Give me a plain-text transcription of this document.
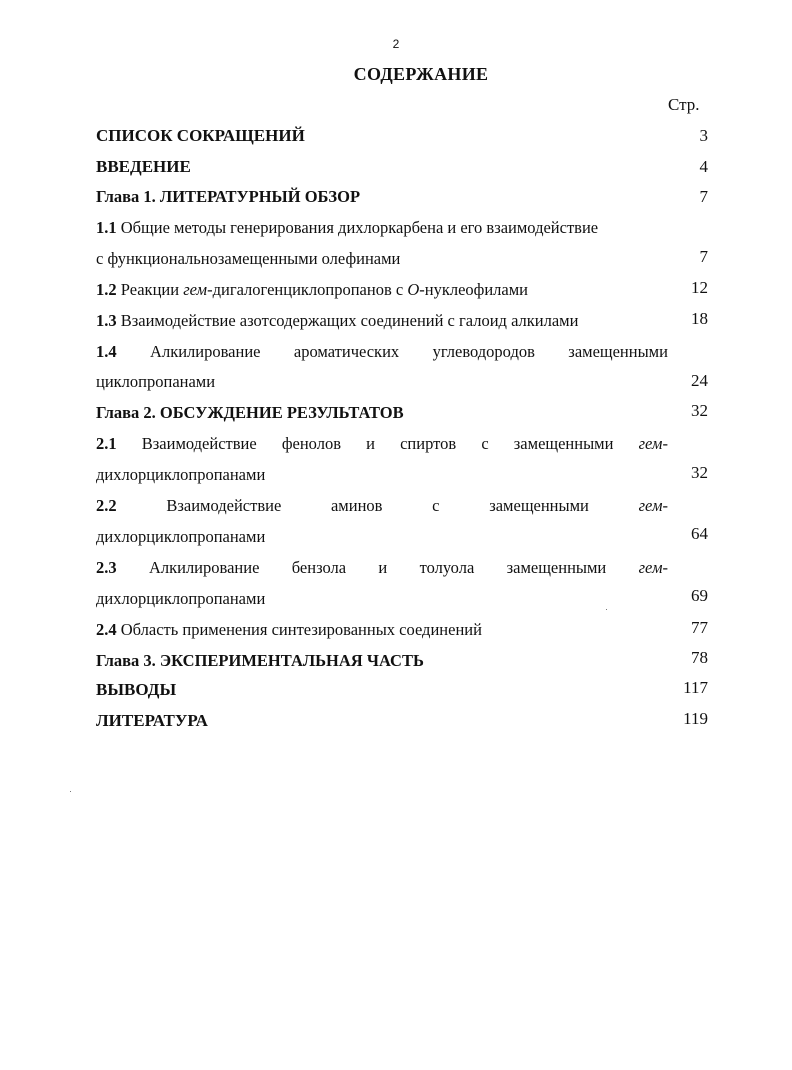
2
СОДЕРЖАНИЕ
Стр.
СПИСОК СОКРАЩЕНИЙ	3
ВВЕДЕНИЕ	4
Глава 1. ЛИТЕРАТУРНЫЙ ОБЗОР	7
1.1 Общие методы генерирования дихлоркарбена и его взаимодействие
с функциональнозамещенными олефинами	7
1.2 Реакции гем-дигалогенциклопропанов с О-нуклеофилами	12
1.3 Взаимодействие азотсодержащих соединений с галоид алкилами	18
1.4 Алкилирование ароматических углеводородов замещенными
циклопропанами	24
Глава 2. ОБСУЖДЕНИЕ РЕЗУЛЬТАТОВ	32
2.1 Взаимодействие фенолов и спиртов с замещенными гем-
дихлорциклопропанами	32
2.2	Взаимодействие	аминов	с	замещенными	гем-
дихлорциклопропанами	64
2.3 Алкилирование бензола и толуола замещенными гем-
дихлорциклопропанами	69
2.4 Область применения синтезированных соединений	77
Глава 3. ЭКСПЕРИМЕНТАЛЬНАЯ ЧАСТЬ	78
ВЫВОДЫ	117
ЛИТЕРАТУРА	119
